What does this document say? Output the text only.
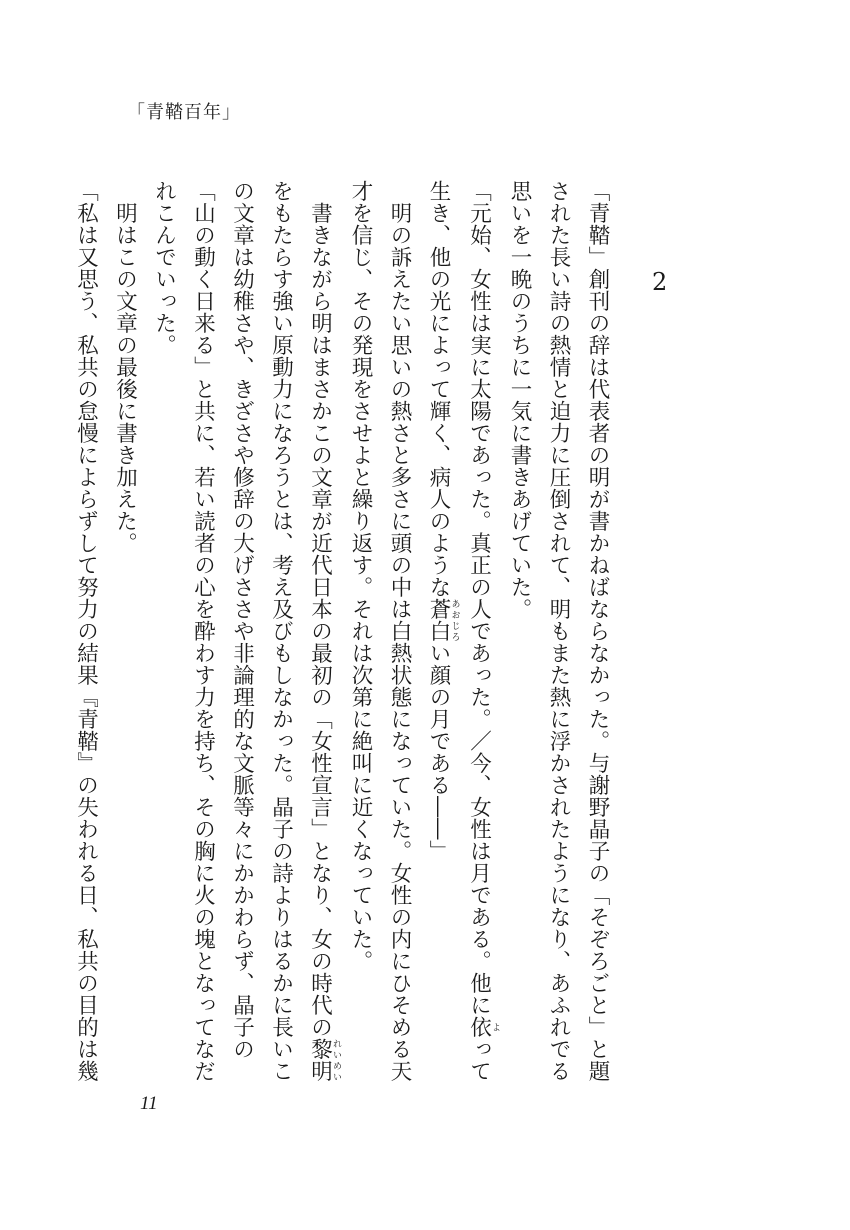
「青鞜百年」
2

「青鞜」創刊の辞は代表者の明が書かねばならなかった。与謝野晶子の「そぞろごと」と題

された長い詩の熱情と迫力に圧倒されて、明もまた熱に浮かされたようになり、あふれでる

思いを一晩のうちに一気に書きあげていた。

「元始、女性は実に太陽であった。真正の人であった。／今、女性は月である。他に依よって

生き、他の光によって輝く、病人のような蒼白あおじろい顔の月である――」

　明の訴えたい思いの熱さと多さに頭の中は白熱状態になっていた。女性の内にひそめる天

才を信じ、その発現をさせよと繰り返す。それは次第に絶叫に近くなっていた。

　書きながら明はまさかこの文章が近代日本の最初の「女性宣言」となり、女の時代の黎明れいめい

をもたらす強い原動力になろうとは、考え及びもしなかった。晶子の詩よりはるかに長いこ

の文章は幼稚さや、きざさや修辞の大げささや非論理的な文脈等々にかかわらず、晶子の

「山の動く日来る」と共に、若い読者の心を酔わす力を持ち、その胸に火の塊となってなだ

れこんでいった。

　明はこの文章の最後に書き加えた。

「私は又思う、私共の怠慢によらずして努力の結果『青鞜』の失われる日、私共の目的は幾

11
